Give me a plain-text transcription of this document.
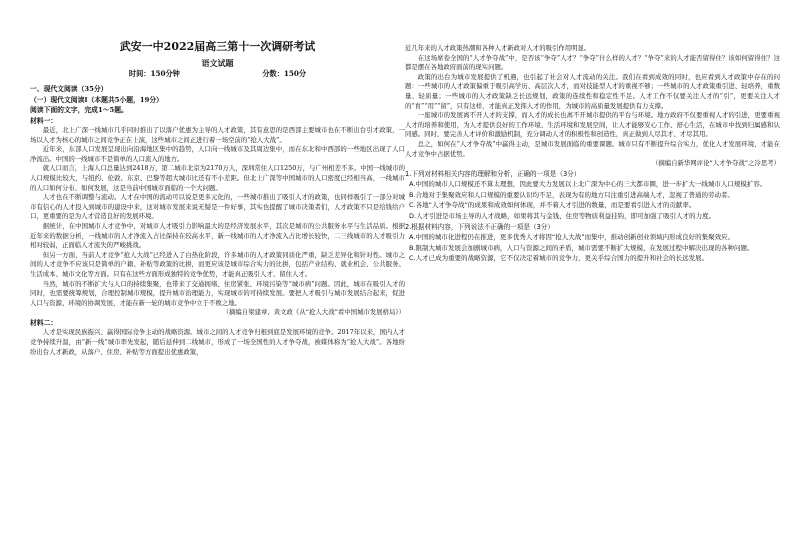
武安一中2022届高三第十一次调研考试
语文试题
时间：150分钟	分数：150分
一、现代文阅读（35分）
（一）现代文阅读Ⅰ（本题共5小题，19分）
阅读下面的文字，完成1～5题。
材料一：

最近，北上广深一线城市几乎同时推出了以落户优惠为主导的人才政策，其有意思的是西部主要城市也在不断出台引才政策，一场以人才为核心的城市之间竞争正在上演，这些城市之间正进行着一场空前的“抢人大战”。

近年来，东部人口发展呈现出向沿海地区集中的趋势，人口向一线城市及其周边集中，而在东北和中西部的一些地区出现了人口净流出。中国的一线城市不是简单的人口流入的地方。

就人口而言，上海人口总量达到2418万，第二城市北京为2170万人，深圳常住人口1250万，与广州相差不多。中国一线城市的人口规模比较大，与纽约、伦敦、东京、巴黎等超大城市比还有不小差距。但北上广深等中国城市的人口密度已经相当高，一线城市的人口如何分布、如何发展，这是当前中国城市面临的一个大问题。

人才也在不断调整与流动。人才在中国的流动可以说是更多元化的，一些城市推出了吸引人才的政策，也同样吸引了一部分对城市有信心的人才投入到城市的建设中来，这对城市发展来说无疑是一件好事，其实也提醒了城市决策者们，人才政策不只是给钱给户口，更重要的是为人才营造良好的发展环境。

据统计，在中国城市人才竞争中，对城市人才吸引力影响最大的是经济发展水平，其次是城市的公共服务水平与生活品质。根据近年来的数据分析，一线城市的人才净流入占比保持在较高水平，新一线城市的人才净流入占比增长较快，二三线城市的人才吸引力相对较弱，正面临人才流失的严峻挑战。

但另一方面，当前人才竞争“抢人大战”已经进入了白热化阶段，许多城市的人才政策同质化严重，缺乏差异化和针对性。城市之间的人才竞争不应该只是简单的户籍、补贴等政策的比拼，而更应该是城市综合实力的比拼，包括产业结构、就业机会、公共服务、生活成本、城市文化等方面。只有在这些方面形成独特的竞争优势，才能真正吸引人才、留住人才。

当然，城市的不断扩大与人口的持续集聚，也带来了交通拥堵、住房紧张、环境污染等“城市病”问题。因此，城市在吸引人才的同时，也需要统筹规划，合理控制城市规模，提升城市治理能力，实现城市的可持续发展。要把人才吸引与城市发展结合起来，促进人口与资源、环境的协调发展，才能在新一轮的城市竞争中立于不败之地。

（摘编自梁建章、黄文政《从“抢人大战”看中国城市发展格局》）

材料二：

人才是实现民族振兴、赢得国际竞争主动的战略资源。城市之间的人才竞争归根到底是发展环境的竞争。2017年以来，国内人才竞争持续升温，由“新一线”城市率先发起，随后延伸到二线城市，形成了一场全国性的人才争夺战，被媒体称为“抢人大战”。各地纷纷出台人才新政，从落户、住房、补贴等方面提出优惠政策，

近几年来的人才政策热潮和各种人才新政对人才的吸引作用明显。

在这场席卷全国的“人才争夺战”中，是否该“争夺”人才？“争夺”什么样的人才？“争夺”来的人才能否留得住？该如何留得住？这都是摆在各地政府面前的现实问题。

政策的出台为城市发展提供了机遇，也引起了社会对人才流动的关注。我们在看到成效的同时，也应看到人才政策中存在的问题：一些城市的人才政策偏重于吸引高学历、高层次人才，而对技能型人才的重视不够；一些城市的人才政策重引进、轻培养，重数量、轻质量；一些城市的人才政策缺乏长远规划，政策的连续性和稳定性不足。人才工作不仅要关注人才的“引”，更要关注人才的“育”“用”“留”，只有这样，才能真正发挥人才的作用，为城市的高质量发展提供有力支撑。

一座城市的发展离不开人才的支撑，而人才的成长也离不开城市提供的平台与环境。地方政府不仅要重视人才的引进，更要重视人才的培养和使用，为人才提供良好的工作环境、生活环境和发展空间，让人才能够安心工作、舒心生活，在城市中找到归属感和认同感。同时，要完善人才评价和激励机制，充分调动人才的积极性和创造性，真正做到人尽其才、才尽其用。

总之，如何在“人才争夺战”中赢得主动，是城市发展面临的重要课题。城市只有不断提升综合实力，优化人才发展环境，才能在人才竞争中占据优势。

（摘编自新华网评论“人才争夺战”之冷思考）

1.下列对材料相关内容的理解和分析，正确的一项是（3分）
A.中国的城市人口规模还不算太理想，因此要大力发展以上北广深为中心的三大都市圈，进一步扩大一线城市人口规模扩容。
B.合地对于集聚效应和人口规模的重要认识均不足，表现为有的地方只注重引进高端人才，忽视了普通的劳动者。
C.各地“人才争夺战”的成果和成效如何体现，并不着人才引进的数量，而是要看引进人才的贡献率。
D.人才引进是市场主导的人才战略，如果将其与金钱、住房等物质利益挂钩，即可加强了吸引人才的力度。
2.根据材料内容，下列说法不正确的一项是（3分）
A.中国的城市化进程仍在推进，更多优秀人才将因“抢人大战”而集中，推动创新创业领域内形成良好的集聚效应。
B.限制大城市发展会加剧城市病，人口与资源之间的矛盾，城市需要不断扩大规模，在发展过程中解决出现的各种问题。
C.人才已成为重要的战略资源，它不仅决定着城市的竞争力，更关乎综合国力的提升和社会的长远发展。
